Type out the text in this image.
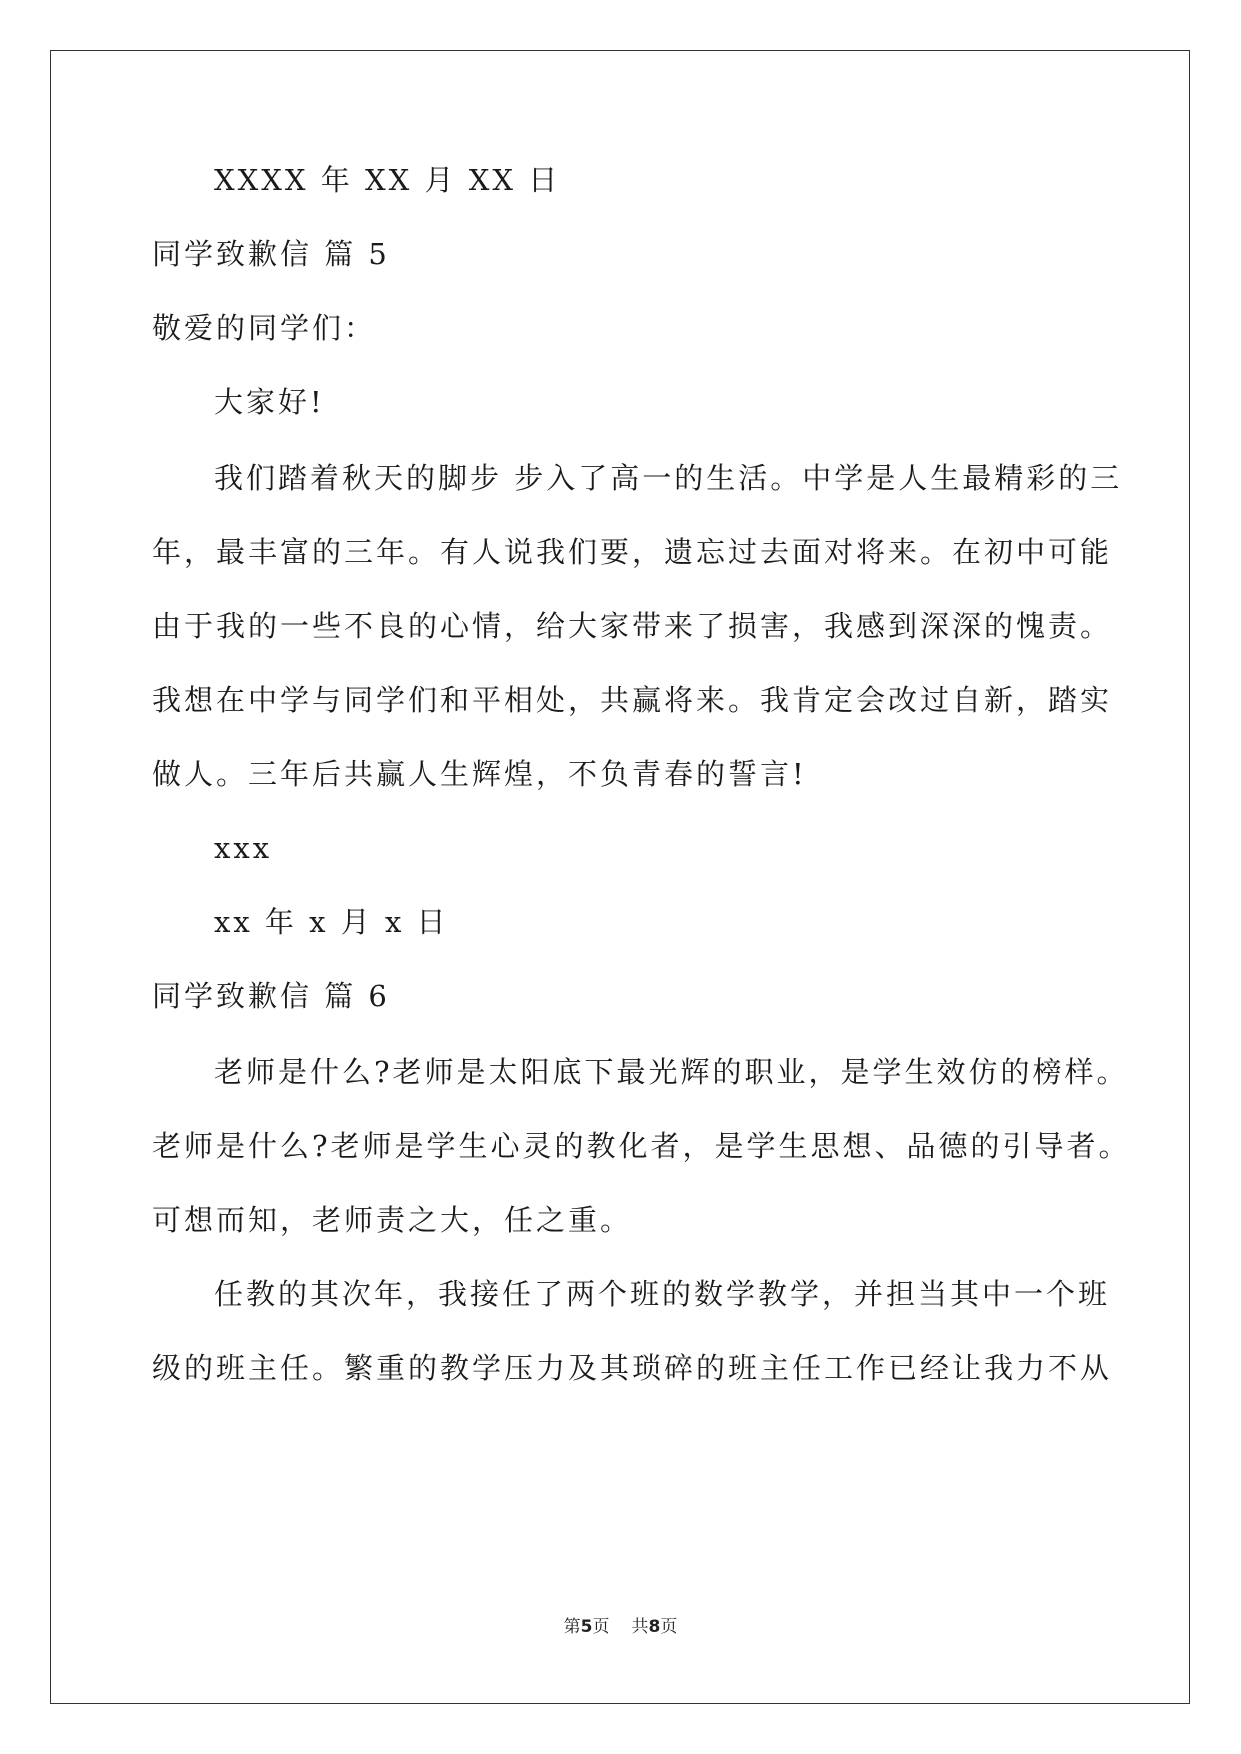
XXXX 年 XX 月 XX 日
同学致歉信 篇 5
敬爱的同学们：
大家好!
我们踏着秋天的脚步 步入了高一的生活。中学是人生最精彩的三
年，最丰富的三年。有人说我们要，遗忘过去面对将来。在初中可能
由于我的一些不良的心情，给大家带来了损害，我感到深深的愧责。
我想在中学与同学们和平相处，共赢将来。我肯定会改过自新，踏实
做人。三年后共赢人生辉煌，不负青春的誓言!
xxx
xx 年 x 月 x 日
同学致歉信 篇 6
老师是什么?老师是太阳底下最光辉的职业，是学生效仿的榜样。
老师是什么?老师是学生心灵的教化者，是学生思想、品德的引导者。
可想而知，老师责之大，任之重。
任教的其次年，我接任了两个班的数学教学，并担当其中一个班
级的班主任。繁重的教学压力及其琐碎的班主任工作已经让我力不从
第5页 共8页
